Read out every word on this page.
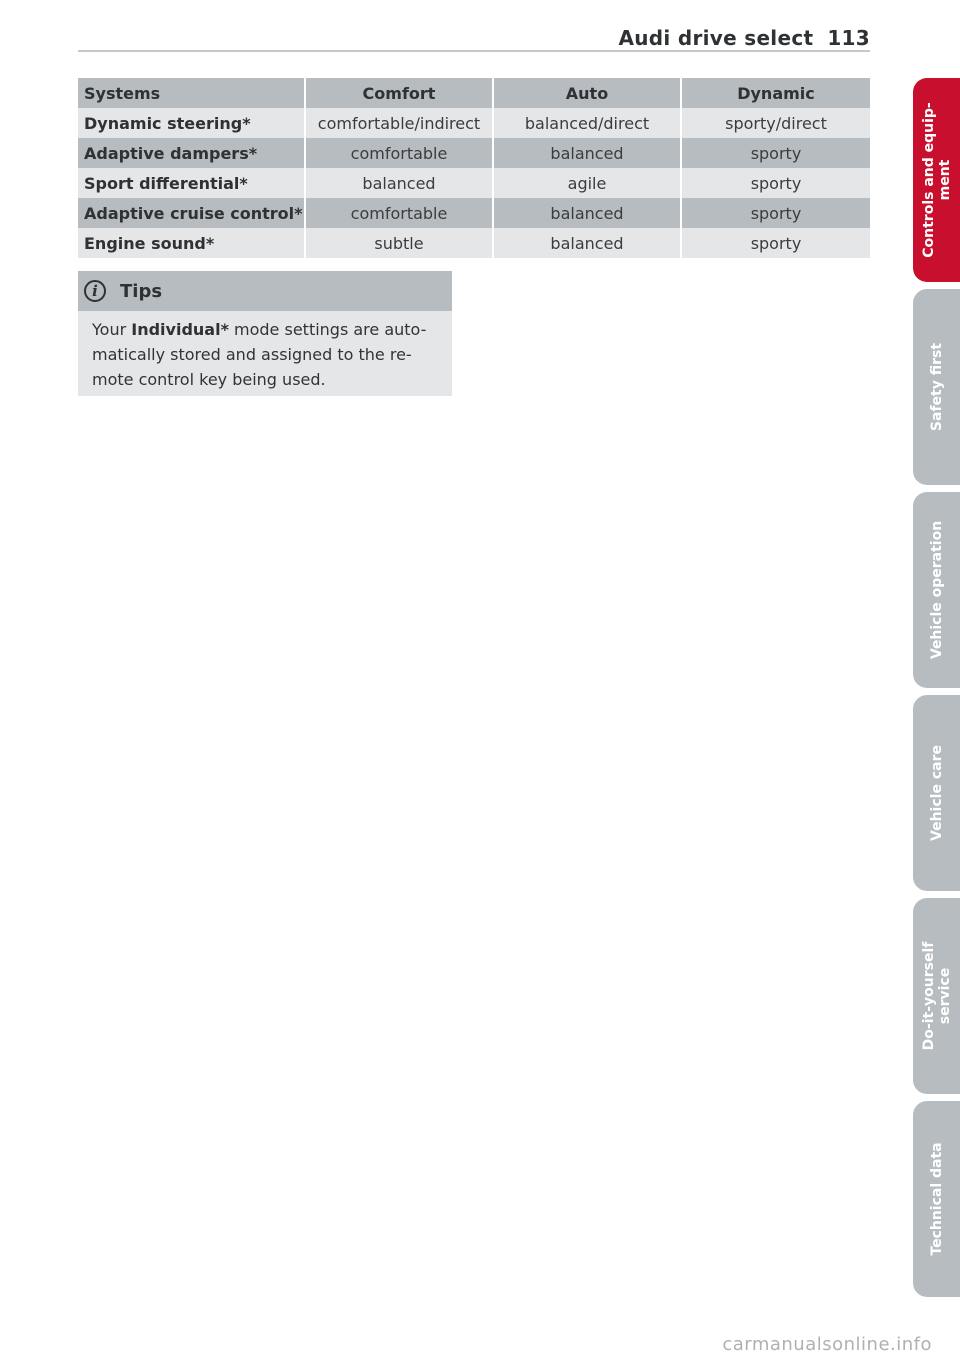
Audi drive select 113
Systems	Comfort	Auto	Dynamic
Dynamic steering*	comfortable/indirect	balanced/direct	sporty/direct
Adaptive dampers*	comfortable	balanced	sporty
Sport differential*	balanced	agile	sporty
Adaptive cruise control*	comfortable	balanced	sporty
Engine sound*	subtle	balanced	sporty
i	Tips

Your Individual* mode settings are auto-

matically stored and assigned to the re-

mote control key being used.

Controls and equip- ment
Safety first
Vehicle operation
Vehicle care
Do-it-yourself service
Technical data
carmanualsonline.info
